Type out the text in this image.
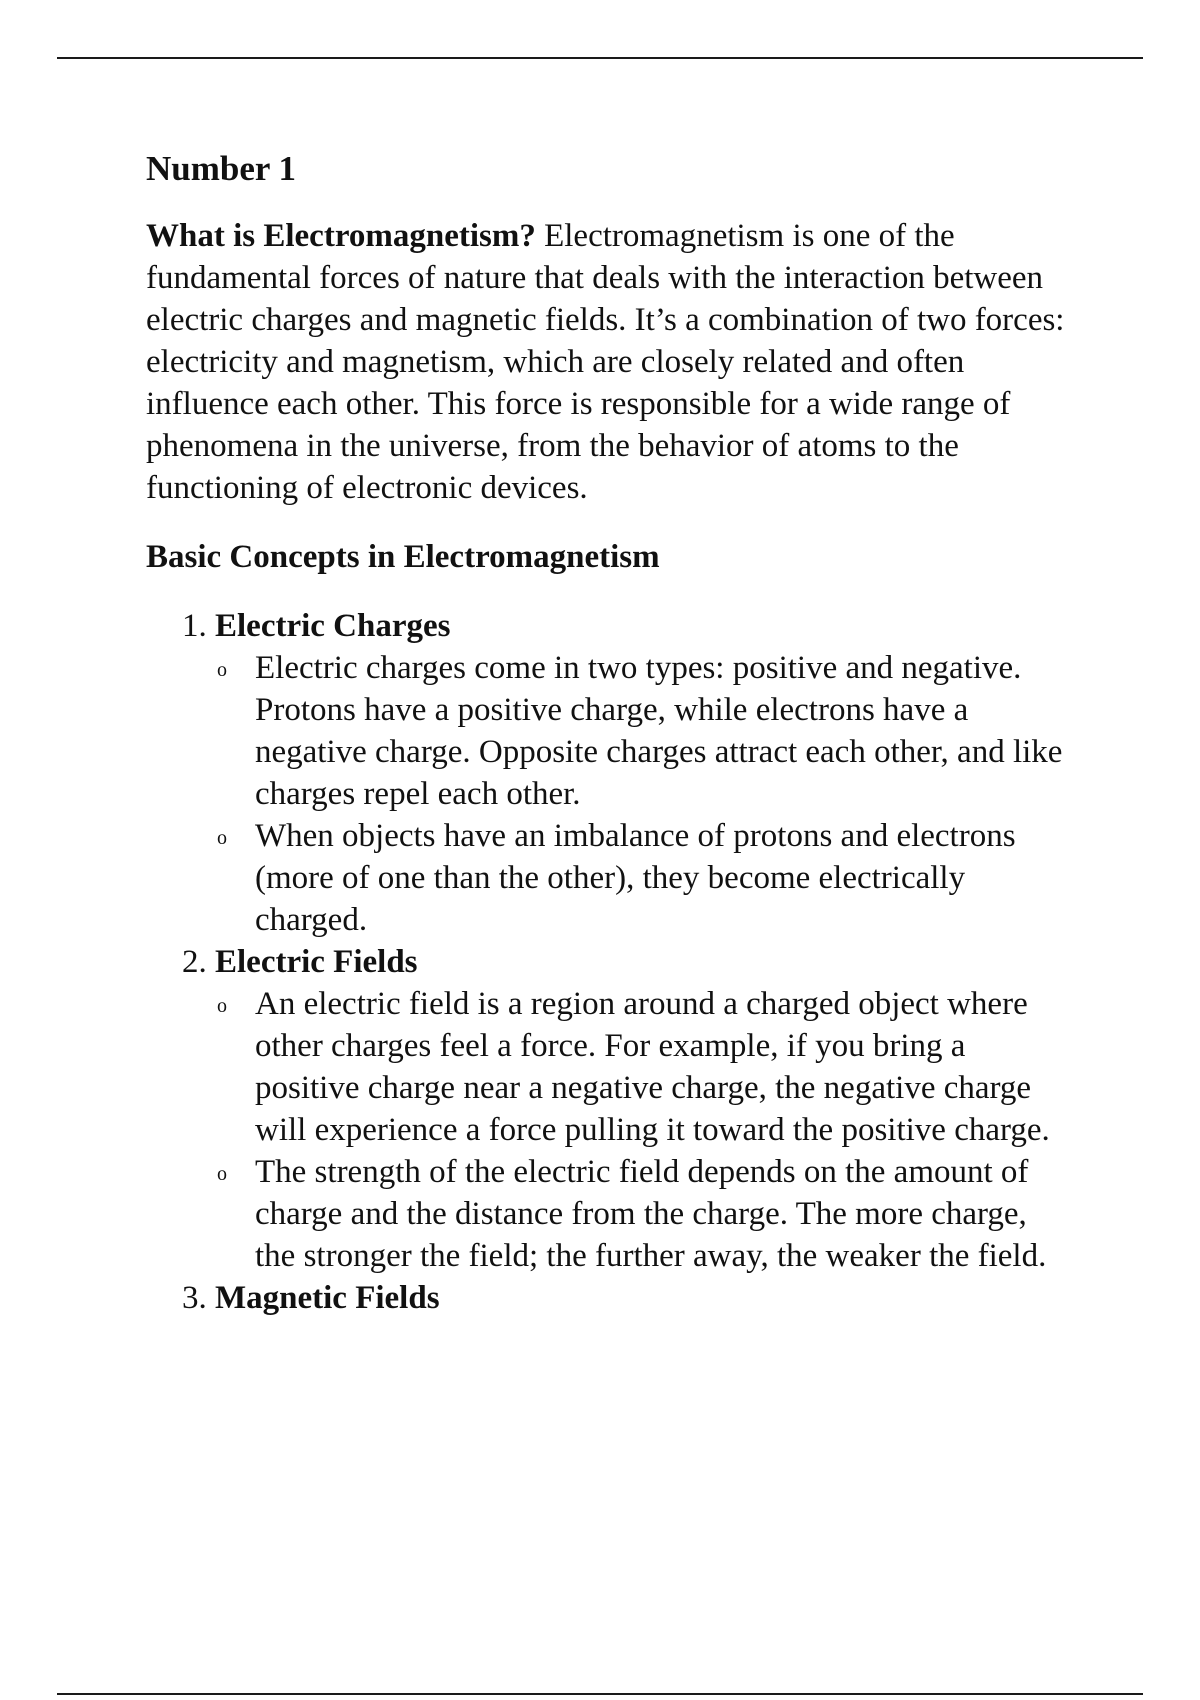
Number 1

What is Electromagnetism? Electromagnetism is one of the fundamental forces of nature that deals with the interaction between electric charges and magnetic fields. It’s a combination of two forces: electricity and magnetism, which are closely related and often influence each other. This force is responsible for a wide range of phenomena in the universe, from the behavior of atoms to the functioning of electronic devices.

Basic Concepts in Electromagnetism
1. Electric Charges
o Electric charges come in two types: positive and negative. Protons have a positive charge, while electrons have a negative charge. Opposite charges attract each other, and like charges repel each other.
o When objects have an imbalance of protons and electrons (more of one than the other), they become electrically charged.
2. Electric Fields
o An electric field is a region around a charged object where other charges feel a force. For example, if you bring a positive charge near a negative charge, the negative charge will experience a force pulling it toward the positive charge.
o The strength of the electric field depends on the amount of charge and the distance from the charge. The more charge, the stronger the field; the further away, the weaker the field.
3. Magnetic Fields
